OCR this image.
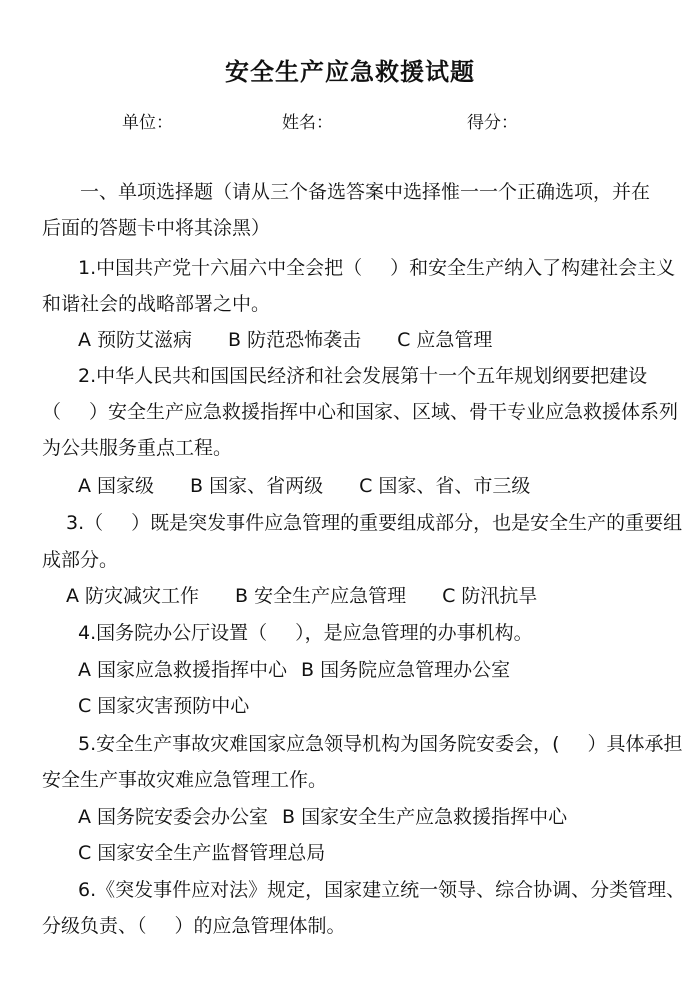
安全生产应急救援试题
单位：	姓名：	得分：
一、单项选择题（请从三个备选答案中选择惟一一个正确选项，并在
后面的答题卡中将其涂黑）
1.中国共产党十六届六中全会把（ ）和安全生产纳入了构建社会主义
和谐社会的战略部署之中。
A 预防艾滋病 B 防范恐怖袭击 C 应急管理
2.中华人民共和国国民经济和社会发展第十一个五年规划纲要把建设
（ ）安全生产应急救援指挥中心和国家、区域、骨干专业应急救援体系列
为公共服务重点工程。
A 国家级 B 国家、省两级 C 国家、省、市三级
3.（ ）既是突发事件应急管理的重要组成部分，也是安全生产的重要组
成部分。
A 防灾减灾工作 B 安全生产应急管理 C 防汛抗旱
4.国务院办公厅设置（ ），是应急管理的办事机构。
A 国家应急救援指挥中心 B 国务院应急管理办公室
C 国家灾害预防中心
5.安全生产事故灾难国家应急领导机构为国务院安委会，( ）具体承担
安全生产事故灾难应急管理工作。
A 国务院安委会办公室 B 国家安全生产应急救援指挥中心
C 国家安全生产监督管理总局
6.《突发事件应对法》规定，国家建立统一领导、综合协调、分类管理、
分级负责、（ ）的应急管理体制。
